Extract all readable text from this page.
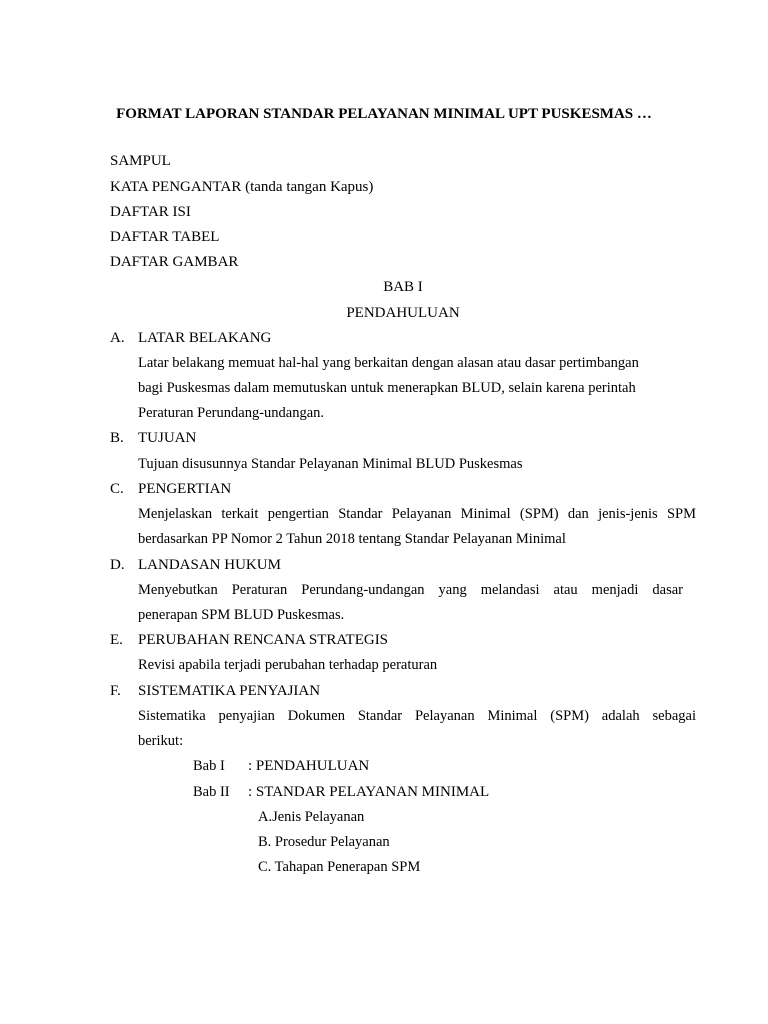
FORMAT LAPORAN STANDAR PELAYANAN MINIMAL UPT PUSKESMAS …
SAMPUL
KATA PENGANTAR (tanda tangan Kapus)
DAFTAR ISI
DAFTAR TABEL
DAFTAR GAMBAR
BAB I
PENDAHULUAN
A. LATAR BELAKANG
Latar belakang memuat hal-hal yang berkaitan dengan alasan atau dasar pertimbangan
bagi Puskesmas dalam memutuskan untuk menerapkan BLUD, selain karena perintah
Peraturan Perundang-undangan.
B. TUJUAN
Tujuan disusunnya Standar Pelayanan Minimal BLUD Puskesmas
C. PENGERTIAN
Menjelaskan terkait pengertian Standar Pelayanan Minimal (SPM) dan jenis-jenis SPM
berdasarkan PP Nomor 2 Tahun 2018 tentang Standar Pelayanan Minimal
D. LANDASAN HUKUM
Menyebutkan Peraturan Perundang-undangan yang melandasi atau menjadi dasar
penerapan SPM BLUD Puskesmas.
E. PERUBAHAN RENCANA STRATEGIS
Revisi apabila terjadi perubahan terhadap peraturan
F. SISTEMATIKA PENYAJIAN
Sistematika penyajian Dokumen Standar Pelayanan Minimal (SPM) adalah sebagai
berikut:
Bab I : PENDAHULUAN
Bab II : STANDAR PELAYANAN MINIMAL
A.Jenis Pelayanan
B. Prosedur Pelayanan
C. Tahapan Penerapan SPM
